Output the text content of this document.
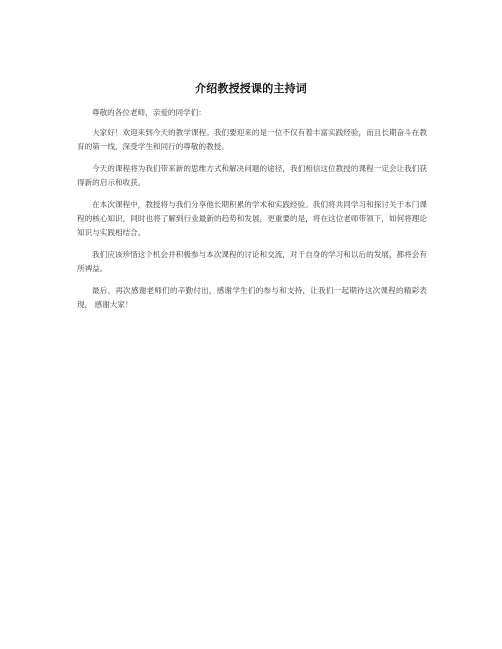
介绍教授授课的主持词

尊敬的各位老师，亲爱的同学们：

大家好！欢迎来到今天的教学课程。我们要迎来的是一位不仅有着丰富实践经验，而且长期奋斗在教育的第一线，深受学生和同行的尊敬的教授。

今天的课程将为我们带来新的思维方式和解决问题的途径，我们相信这位教授的课程一定会让我们获得新的启示和收获。

在本次课程中，教授将与我们分享他长期积累的学术和实践经验。我们将共同学习和探讨关于本门课程的核心知识，同时也将了解到行业最新的趋势和发展，更重要的是，将在这位老师带领下，如何将理论知识与实践相结合。

我们应该珍惜这个机会并积极参与本次课程的讨论和交流，对于自身的学习和以后的发展，都将会有所裨益。

最后，再次感谢老师们的辛勤付出，感谢学生们的参与和支持，让我们一起期待这次课程的精彩表现， 感谢大家！
